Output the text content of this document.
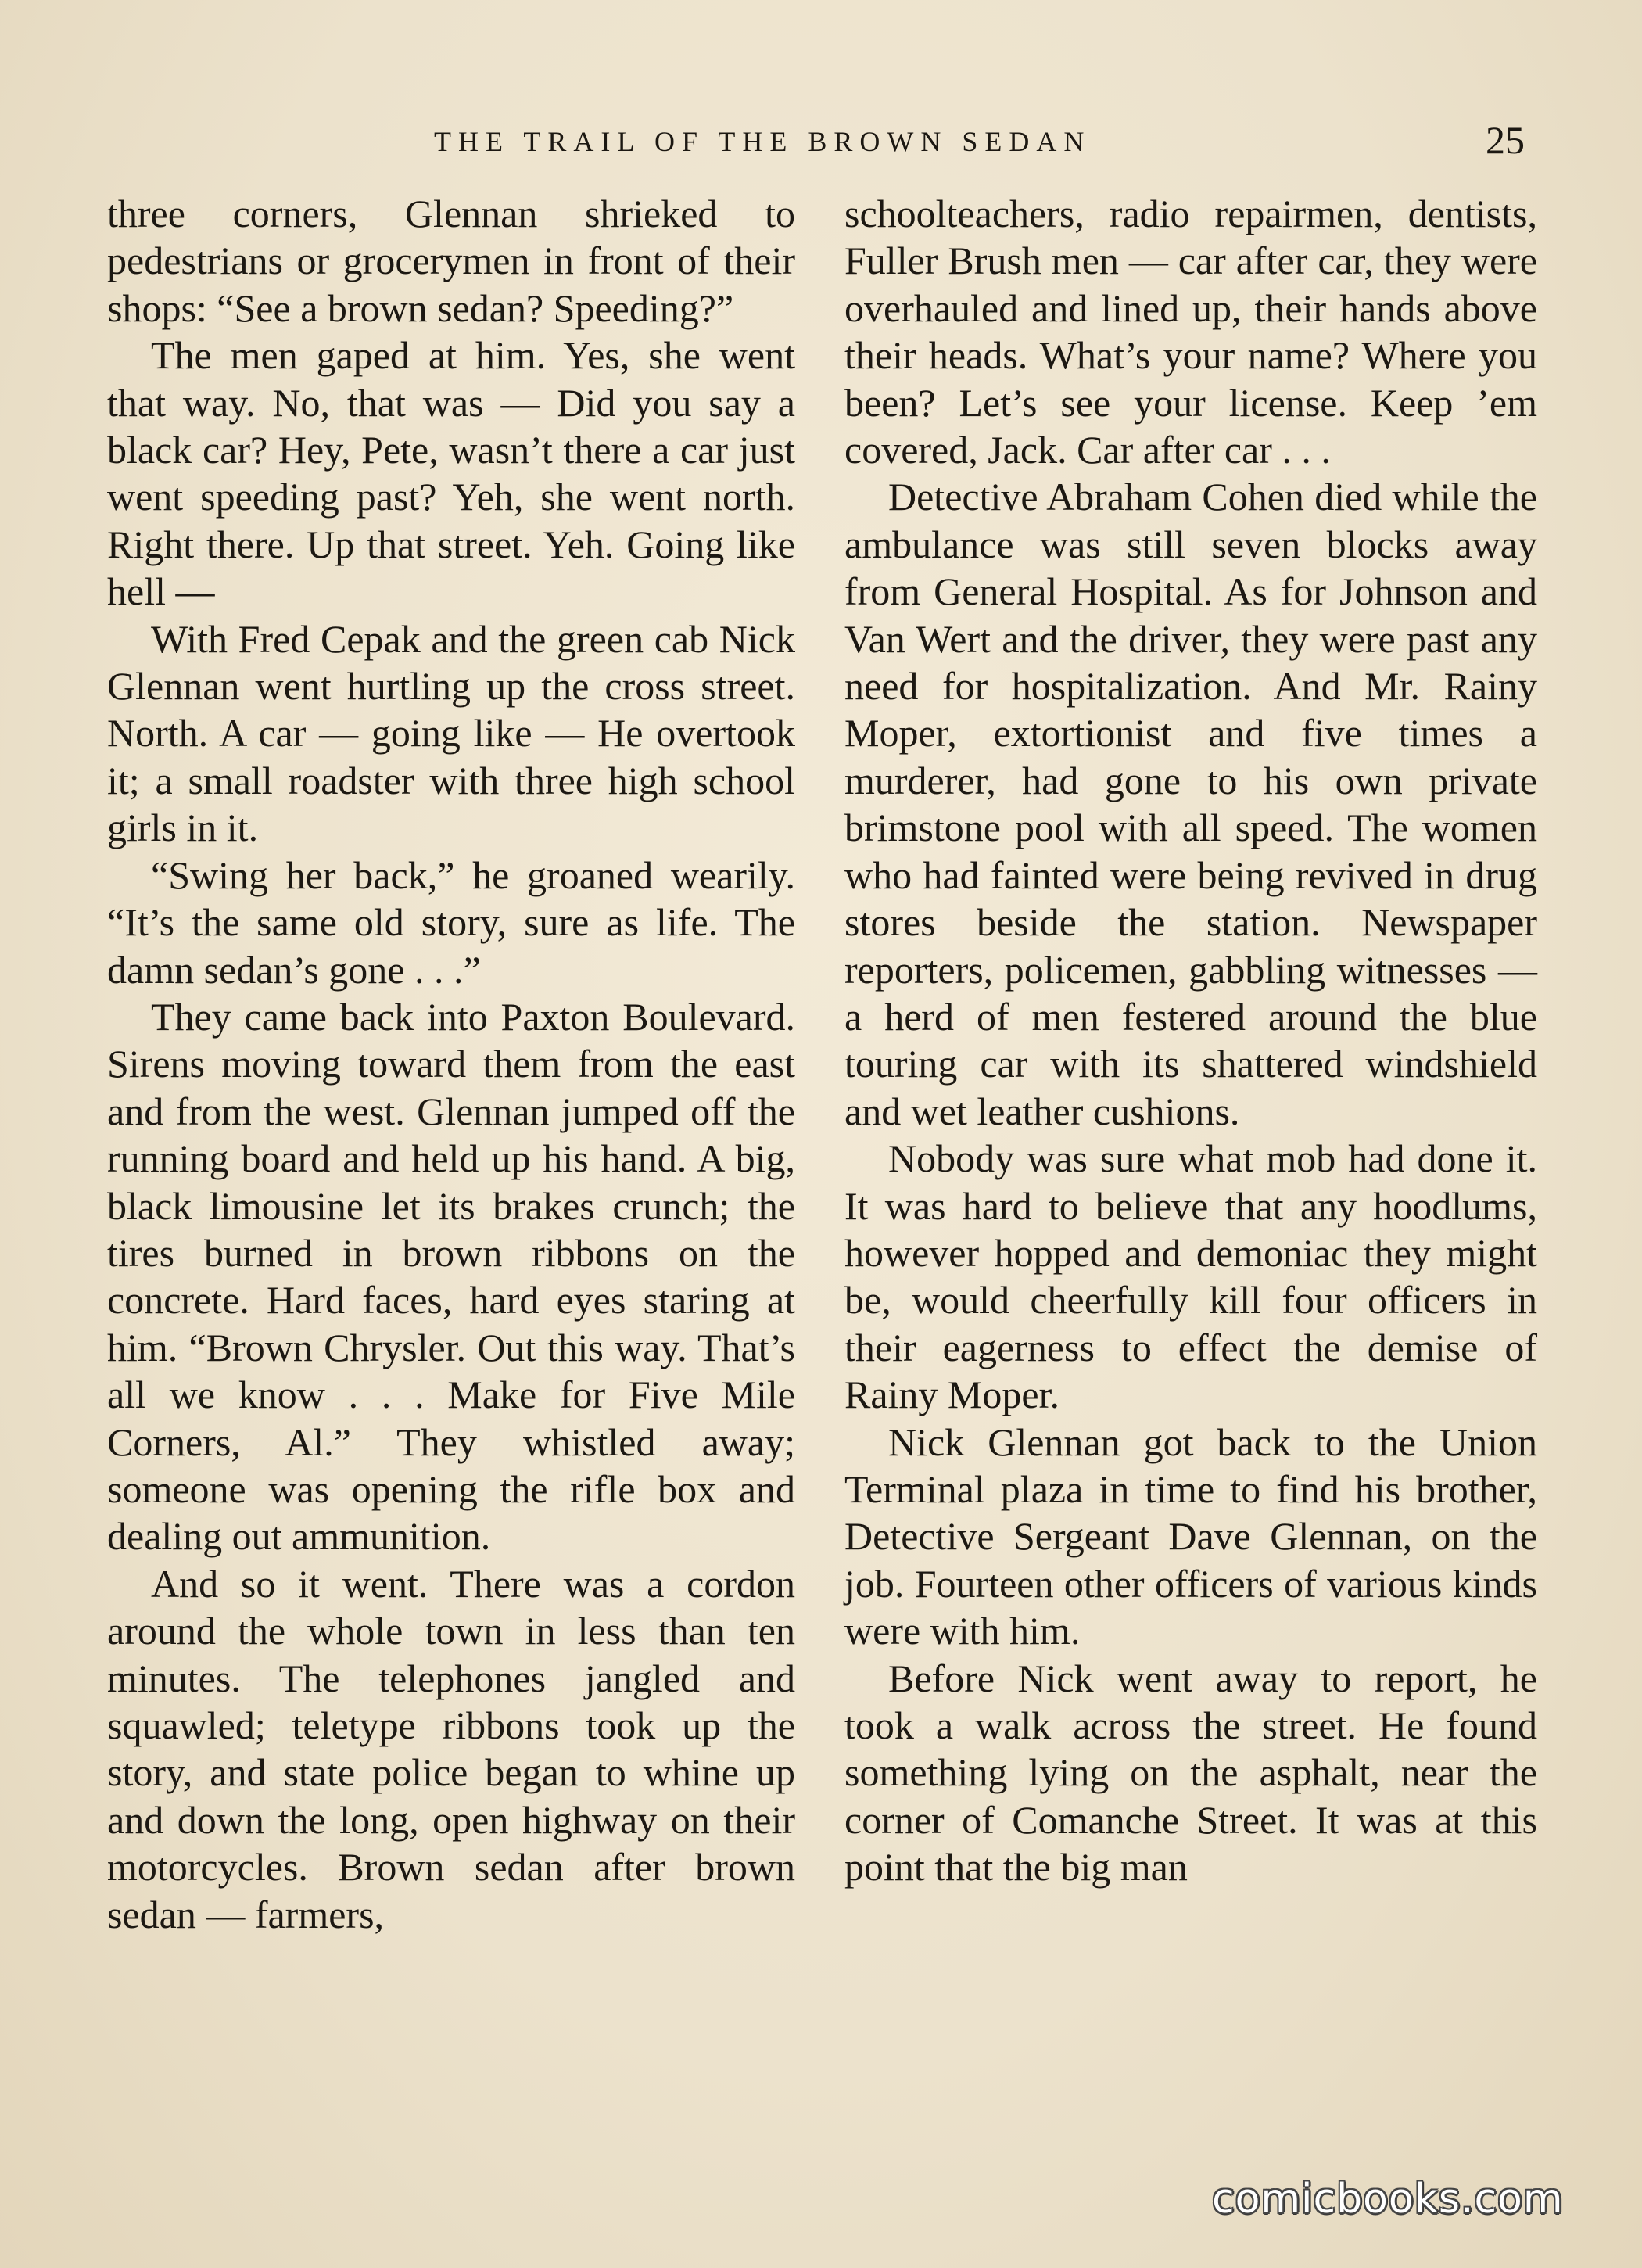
THE TRAIL OF THE BROWN SEDAN	25

three corners, Glennan shrieked to pedestrians or grocerymen in front of their shops: “See a brown sedan? Speeding?”

The men gaped at him. Yes, she went that way. No, that was — Did you say a black car? Hey, Pete, wasn’t there a car just went speeding past? Yeh, she went north. Right there. Up that street. Yeh. Going like hell —

With Fred Cepak and the green cab Nick Glennan went hurtling up the cross street. North. A car — going like — He overtook it; a small roadster with three high school girls in it.

“Swing her back,” he groaned wearily. “It’s the same old story, sure as life. The damn sedan’s gone . . .”

They came back into Paxton Boulevard. Sirens moving toward them from the east and from the west. Glennan jumped off the running board and held up his hand. A big, black limousine let its brakes crunch; the tires burned in brown ribbons on the concrete. Hard faces, hard eyes staring at him. “Brown Chrysler. Out this way. That’s all we know . . . Make for Five Mile Corners, Al.” They whistled away; someone was opening the rifle box and dealing out ammunition.

And so it went. There was a cordon around the whole town in less than ten minutes. The telephones jangled and squawled; teletype ribbons took up the story, and state police began to whine up and down the long, open highway on their motorcycles. Brown sedan after brown sedan — farmers,

schoolteachers, radio repairmen, dentists, Fuller Brush men — car after car, they were overhauled and lined up, their hands above their heads. What’s your name? Where you been? Let’s see your license. Keep ’em covered, Jack. Car after car . . .

Detective Abraham Cohen died while the ambulance was still seven blocks away from General Hospital. As for Johnson and Van Wert and the driver, they were past any need for hospitalization. And Mr. Rainy Moper, extortionist and five times a murderer, had gone to his own private brimstone pool with all speed. The women who had fainted were being revived in drug stores beside the station. Newspaper reporters, policemen, gabbling witnesses — a herd of men festered around the blue touring car with its shattered windshield and wet leather cushions.

Nobody was sure what mob had done it. It was hard to believe that any hoodlums, however hopped and demoniac they might be, would cheerfully kill four officers in their eagerness to effect the demise of Rainy Moper.

Nick Glennan got back to the Union Terminal plaza in time to find his brother, Detective Sergeant Dave Glennan, on the job. Fourteen other officers of various kinds were with him.

Before Nick went away to report, he took a walk across the street. He found something lying on the asphalt, near the corner of Comanche Street. It was at this point that the big man

comicbooks.com
